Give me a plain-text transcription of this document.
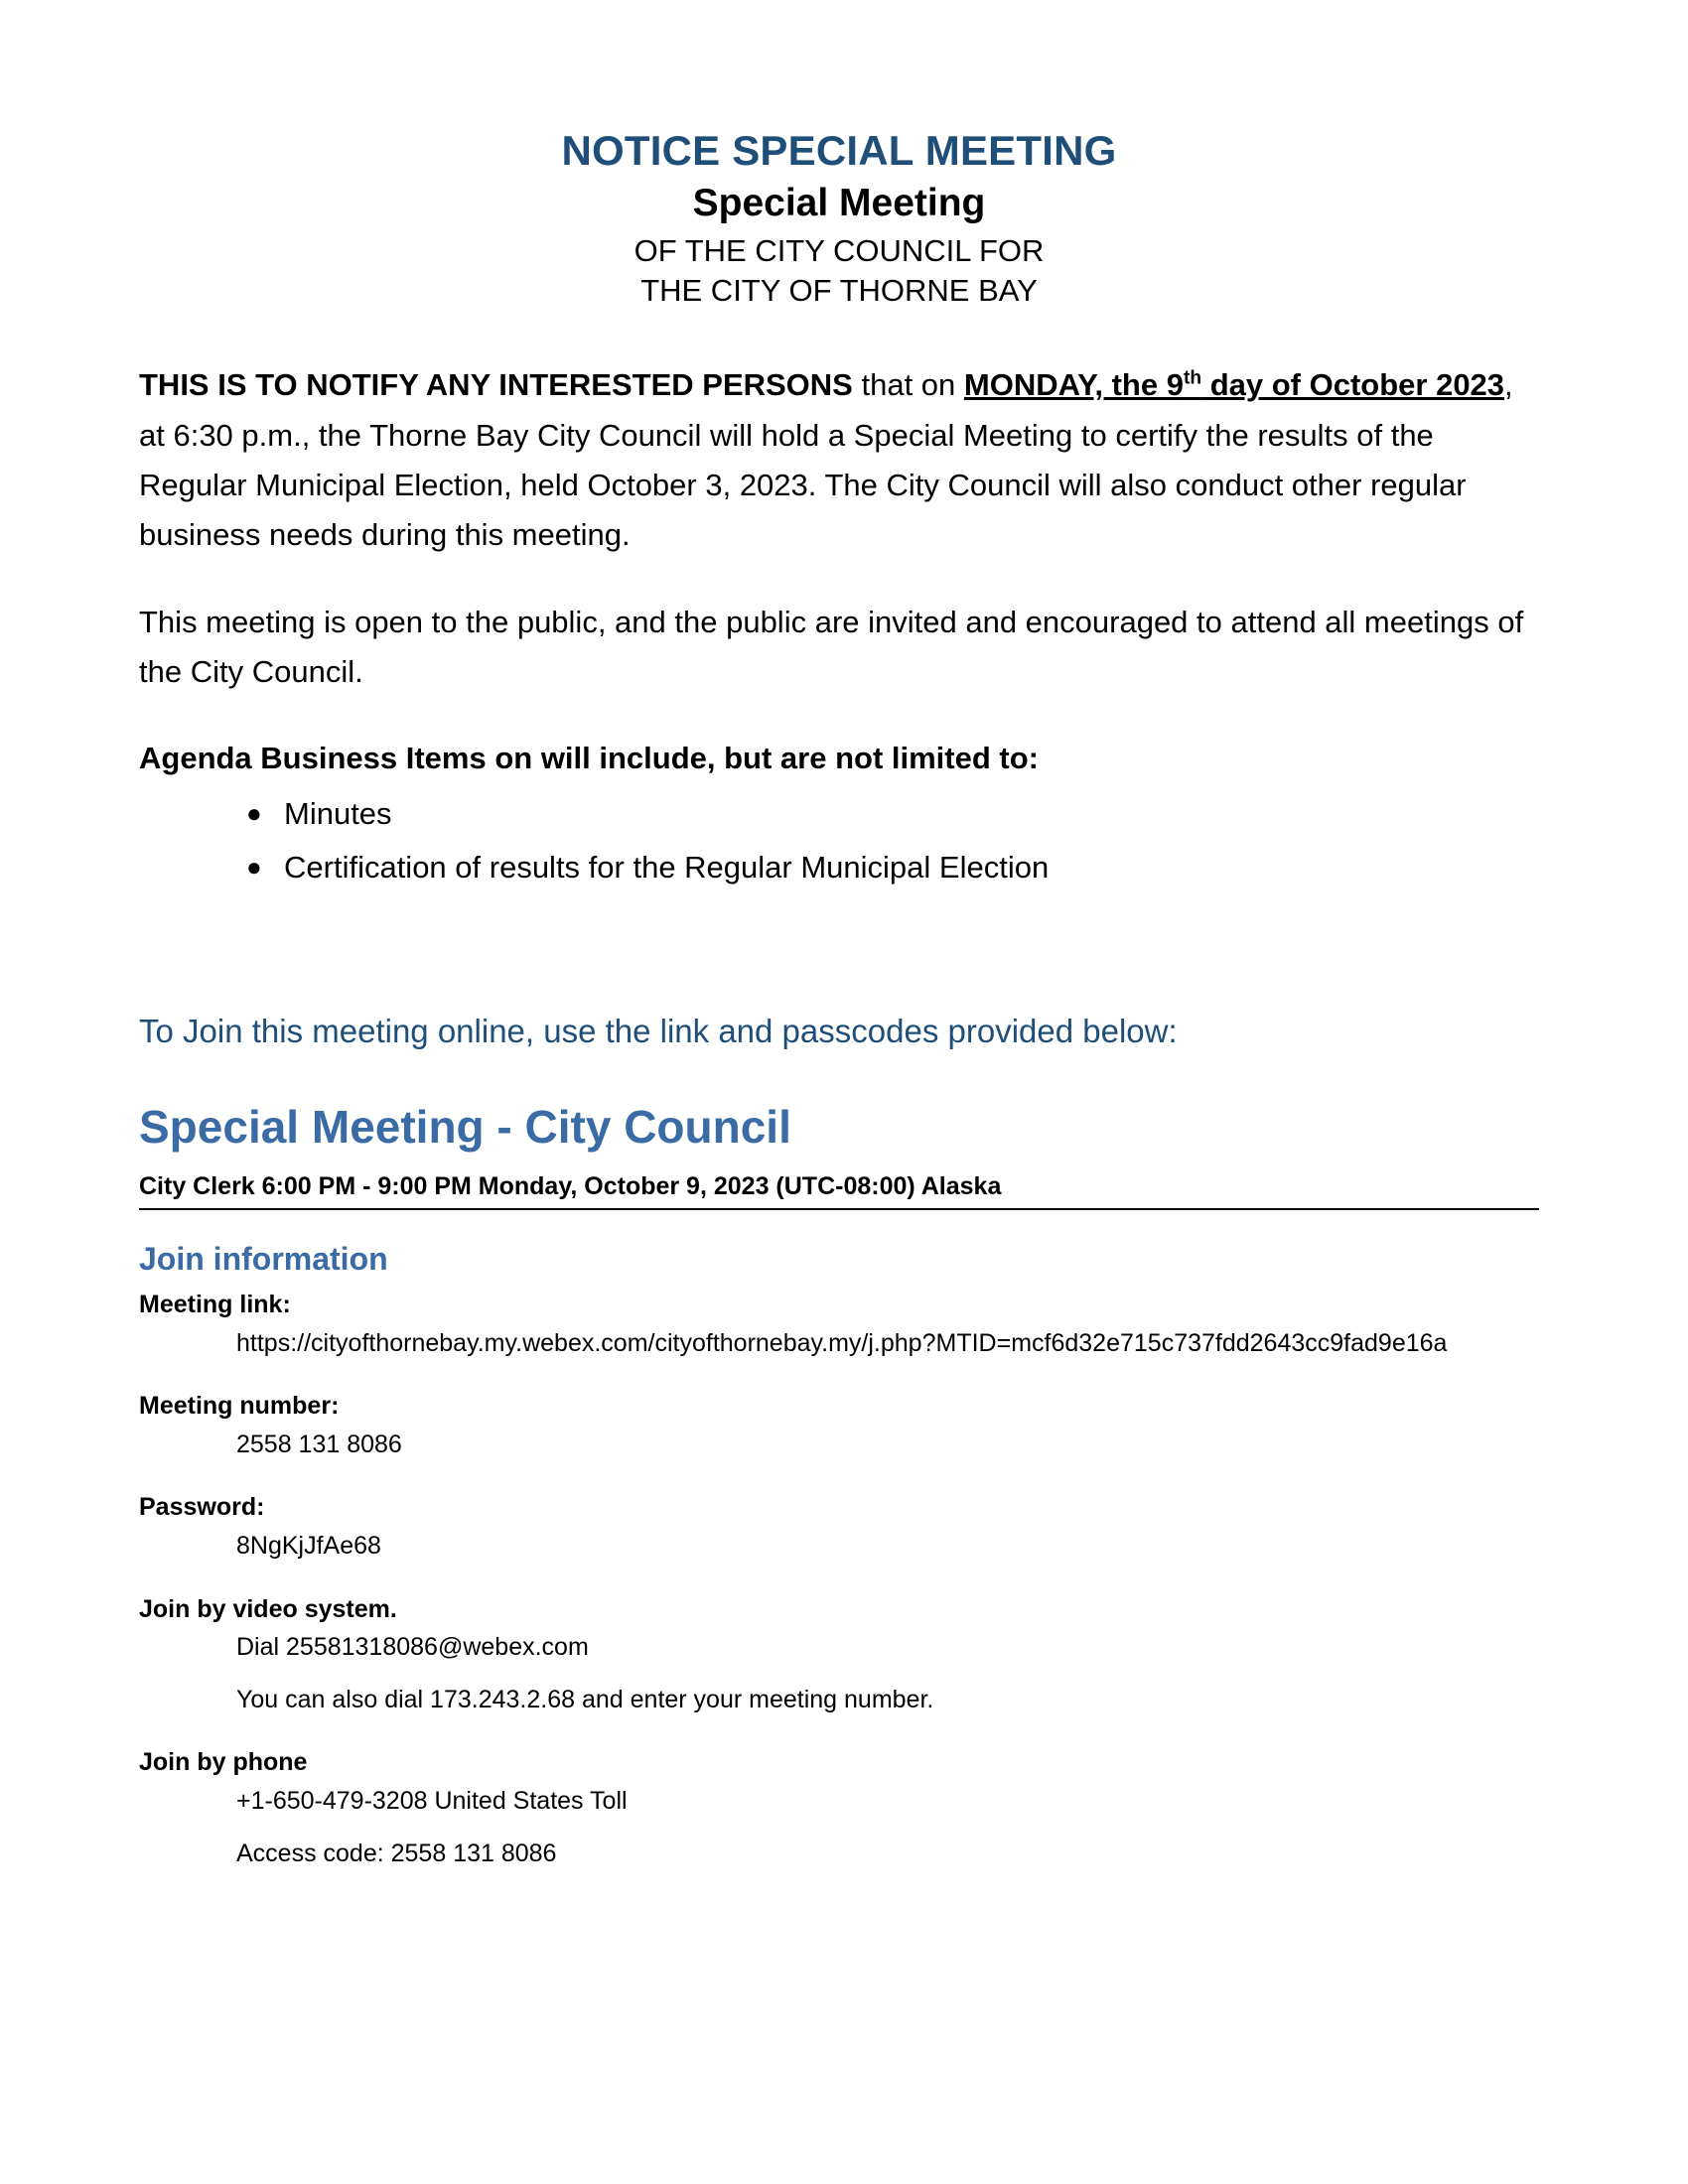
NOTICE SPECIAL MEETING
Special Meeting
OF THE CITY COUNCIL FOR
THE CITY OF THORNE BAY

THIS IS TO NOTIFY ANY INTERESTED PERSONS that on MONDAY, the 9th day of October 2023, at 6:30 p.m., the Thorne Bay City Council will hold a Special Meeting to certify the results of the Regular Municipal Election, held October 3, 2023. The City Council will also conduct other regular business needs during this meeting.

This meeting is open to the public, and the public are invited and encouraged to attend all meetings of the City Council.

Agenda Business Items on will include, but are not limited to:
● Minutes
● Certification of results for the Regular Municipal Election

To Join this meeting online, use the link and passcodes provided below:

Special Meeting - City Council
City Clerk 6:00 PM - 9:00 PM Monday, October 9, 2023 (UTC-08:00) Alaska
Join information
Meeting link:
https://cityofthornebay.my.webex.com/cityofthornebay.my/j.php?MTID=mcf6d32e715c737fdd2643cc9fad9e16a
Meeting number:
2558 131 8086
Password:
8NgKjJfAe68
Join by video system.
Dial 25581318086@webex.com
You can also dial 173.243.2.68 and enter your meeting number.
Join by phone
+1-650-479-3208 United States Toll
Access code: 2558 131 8086
